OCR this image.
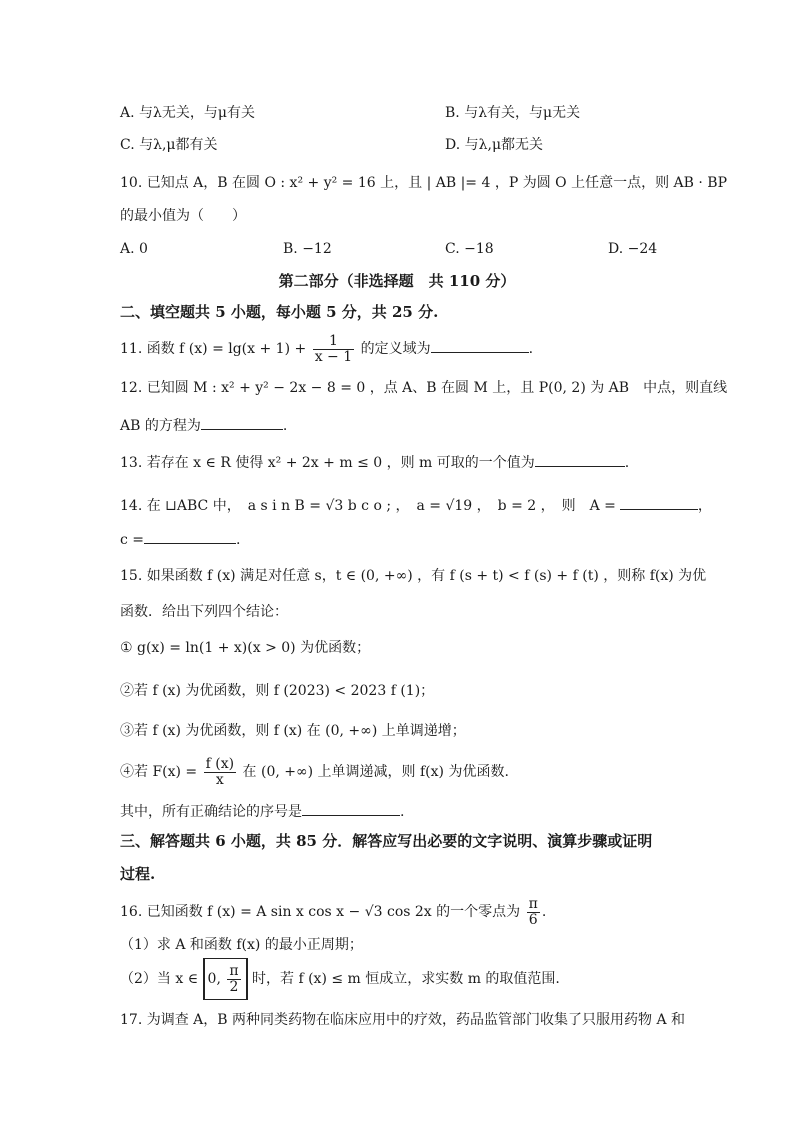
A. 与λ无关，与μ有关	B. 与λ有关，与μ无关
C. 与λ,μ都有关	D. 与λ,μ都无关
10. 已知点 A，B 在圆 O : x² + y² = 16 上，且 | AB |= 4 ，P 为圆 O 上任意一点，则 AB · BP
的最小值为（　　）
A. 0	B. −12	C. −18	D. −24
第二部分（非选择题　共 110 分）
二、填空题共 5 小题，每小题 5 分，共 25 分.
11. 函数 f $(x) = \lg(x + 1) + \frac{1}{x - 1}$ 的定义域为	.
12. 已知圆 M : x² + y² − 2x − 8 = 0 ，点 A、B 在圆 M 上，且 P(0, 2) 为 AB　中点，则直线
AB 的方程为	.
13. 若存在 x ∈ R 使得 x² + 2x + m ≤ 0 ，则 m 可取的一个值为	.
14. 在 ⊔ABC 中，　a s i n B = √3 b c o ; ，　a = √19 ，　b = 2 ，　则　A =	，
c =	.
15. 如果函数 f (x) 满足对任意 s，t ∈ (0, +∞) ，有 f (s + t) < f (s) + f (t) ，则称 f(x) 为优
函数．给出下列四个结论：
① g(x) = ln(1 + x)(x > 0) 为优函数；
②若 f (x) 为优函数，则 f (2023) < 2023 f (1)；
③若 f (x) 为优函数，则 f (x) 在 (0, +∞) 上单调递增；
④若 $F(x) = \frac{f (x)}{x}$ 在 (0, +∞) 上单调递减，则 f(x) 为优函数.
其中，所有正确结论的序号是	.
三、解答题共 6 小题，共 85 分．解答应写出必要的文字说明、演算步骤或证明
过程.
16. 已知函数 f (x) = A sin x cos x − √3 cos 2x 的一个零点为 $\frac{\pi}{6}$ .
（1）求 A 和函数 f(x) 的最小正周期；
（2）当 x ∈ 0, $\frac{\pi}{2}$ 时，若 f (x) ≤ m 恒成立，求实数 m 的取值范围.
17. 为调查 A，B 两种同类药物在临床应用中的疗效，药品监管部门收集了只服用药物 A 和
